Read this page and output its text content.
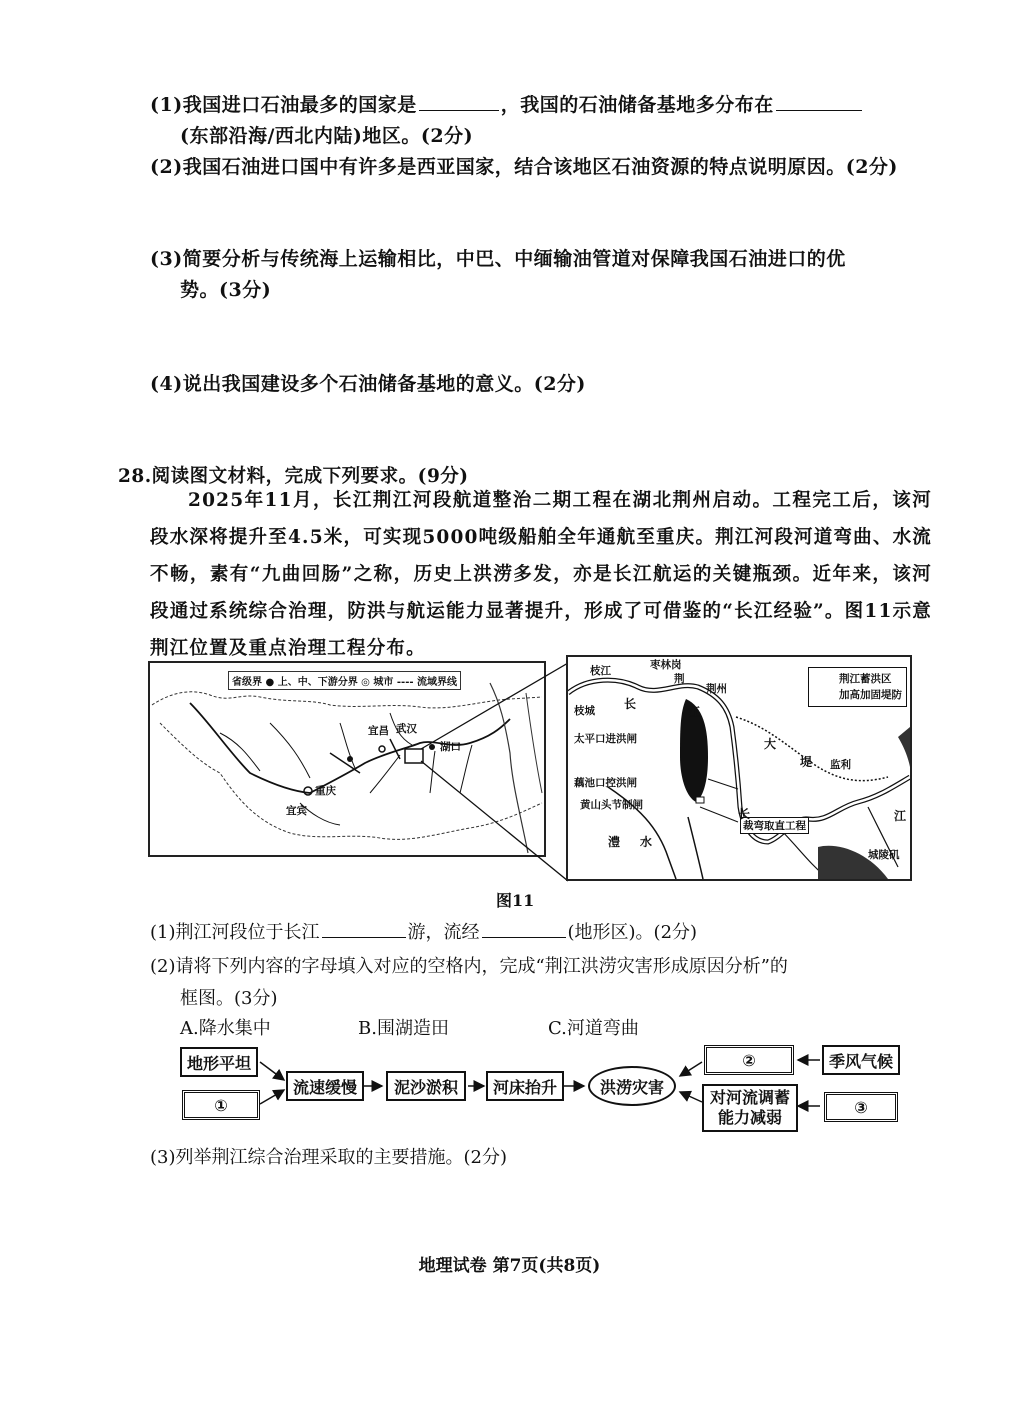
(1)我国进口石油最多的国家是	，我国的石油储备基地多分布在
(东部沿海/西北内陆)地区。(2分)
(2)我国石油进口国中有许多是西亚国家，结合该地区石油资源的特点说明原因。(2分)
(3)简要分析与传统海上运输相比，中巴、中缅输油管道对保障我国石油进口的优
势。(3分)
(4)说出我国建设多个石油储备基地的意义。(2分)
28.阅读图文材料，完成下列要求。(9分)
2025年11月，长江荆江河段航道整治二期工程在湖北荆州启动。工程完工后，该河段水深将提升至4.5米，可实现5000吨级船舶全年通航至重庆。荆江河段河道弯曲、水流不畅，素有“九曲回肠”之称，历史上洪涝多发，亦是长江航运的关键瓶颈。近年来，该河段通过系统综合治理，防洪与航运能力显著提升，形成了可借鉴的“长江经验”。图11示意荆江位置及重点治理工程分布。
省级界 ● 上、中、下游分界 ◎ 城市 ---- 流域界线
宜宾
重庆
宜昌 武汉
湖口
荆江蓄洪区
加高加固堤防
枝江	枣林岗
荆
荆州
枝城 长
江
太平口进洪闸	大
堤
藕池口控洪闸
黄山头节制闸
裁弯取直工程
监利
澧 水
长	江
城陵矶
图11
(1)荆江河段位于长江	游，流经	(地形区)。(2分)
(2)请将下列内容的字母填入对应的空格内，完成“荆江洪涝灾害形成原因分析”的
框图。(3分)
A.降水集中	B.围湖造田	C.河道弯曲
地形平坦
①
流速缓慢	泥沙淤积	河床抬升	洪涝灾害
②	季风气候
对河流调蓄能力减弱
③
(3)列举荆江综合治理采取的主要措施。(2分)
地理试卷 第7页(共8页)
